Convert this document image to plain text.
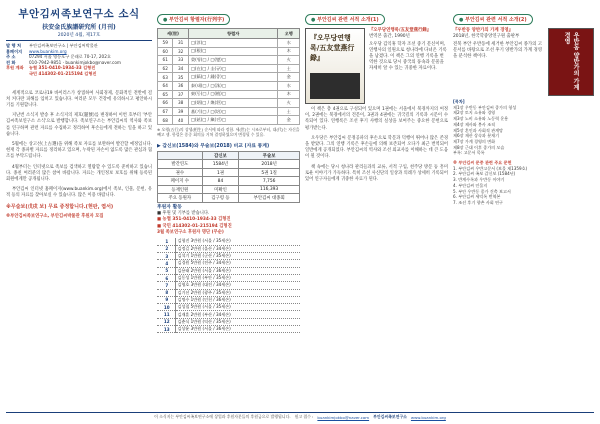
부안김씨족보연구소 소식
扶安金氏族譜研究所 (月刊)
2020년 4월, 제17호
발 행 처	부안김씨족보연구소 | 부안김씨박물관
홈페이지	www.buankim.org
주 소	07294 서울 영등포구 문래로 70-17, 202호
전 화	010-7942-9851 · buankimjokbo@naver.com
후원 계좌	농협 351-0410-1934-33 김형진
국민 414302-01-215194 김형진

세계적으로 코로나19 바이러스가 창궐하여 사회경제, 문화적인 전반에 걸쳐 커다란 피해를 입히고 있습니다. 여러분 모두 건강에 유의하시고 평안하시기를 기원합니다.

지난번 소식지 발송 후 소식지의 제호(題號)를 변경하여 이번 호부터 '부안김씨족보연구소 소식'으로 발행합니다. 족보연구소는 부안김씨의 역사와 족보를 연구하며 관련 자료를 수집하고 정리하여 후손들에게 전하는 일을 하고 있습니다.

5월에는 상고선(上古選)을 위해 족보 자료를 보완하여 발간할 예정입니다. 현재 각 종파별 자료를 정리하고 있으며, 누락된 자손이 없도록 많은 관심과 협조를 부탁드립니다.

4월부터는 인터넷으로 족보를 검색하고 열람할 수 있도록 준비하고 있습니다. 종친 여러분의 많은 참여 바랍니다. 자료는 개인정보 보호를 위해 등록된 회원에게만 공개됩니다.

부안김씨 인터넷 홈페이지(www.buankim.org)에서 족보, 인물, 문헌, 유적 등의 자료를 찾아보실 수 있습니다. 많은 이용 바랍니다.

※무술보(戊戌 보) 무료 증정합니다.(현판, 엽서)

※부안김씨족보연구소, 부안김씨박물관 후원자 모집

● 부안김씨 항렬자(行列字)
세(世)		항렬자	오행
59	31	□(淳)□	水
60	32	□(根)□	木
61	33	榮(영)□ / □(燮)□	火
62	34	□(在)□ / 圭(규)□	土
63	35	□(鎬)□ / 鍾(종)□	金
64	36	泰(태)□ / □(洙)□	水
65	37	東(동)□ / □(植)□	木
66	38	□(炳)□ / 煥(환)□	火
67	39	基(기)□ / □(培)□	土
68	40	□(鉉)□ / 鎭(진)□	金
※ 오행(五行)의 상생(相生) 순서에 따라 정함. 세(世)는 시조로부터, 대(代)는 자신을 빼고 셈. 항렬은 종중 회의를 거쳐 결정하였으며 변경될 수 있음.
▶ 갑신보(1584)와 무술보(2018) 비교 (자료 통계)
	갑신보	무술보
발간연도	1584년	2018년
권수	1권	5권 1질
페이지 수	84	7,756
등재인원	미확인	116,393
주요 동원자	김구령 등	부안김씨 대종회
후원자 활동
■ 후원 및 기부를 받습니다.
■ 농협 351-0410-1934-33 김형진
■ 국민 414302-01-215194 김형진
3월 족보연구소 후원자 명단 (무순)
1	김형진 3만원 (서울 / 35세손)
2	김정길 2만원 (울산 / 34세손)
3	김석기 1만원 (군산 / 35세손)
4	김경원 5만원 (전주 / 34세손)
5	김용태 2만원 (서울 / 36세손)
6	김동성 1만원 (부안 / 35세손)
7	김영호 3만원 (대전 / 34세손)
8	김기선 2만원 (광주 / 35세손)
9	김명수 1만원 (인천 / 36세손)
10	김성철 5만원 (서울 / 35세손)
11	김재훈 2만원 (부산 / 34세손)
12	김춘식 1만원 (익산 / 35세손)
13	김상윤 3만원 (서울 / 36세손)
● 부안김씨 관련 서적 소개(1)
『오무당연행록/五友堂燕行錄』
『오무당연행록/五友堂燕行錄』
번역본 출간, 1990년
오우당 김익휴 학자 조선 중기 문신이며, 연행사의 일원으로 청나라에 다녀온 기록을 남겼다. 이 책은 그의 연행 기록을 번역한 것으로 당시 중국의 풍속과 문물을 자세히 알 수 있는 귀중한 자료이다.

이 책은 총 4권으로 구성되어 있으며 1권에는 서울에서 북경까지의 여정이, 2권에는 북경에서의 견문이, 3권과 4권에는 귀국길의 기록과 시문이 수록되어 있다. 연행록은 조선 후기 사행의 실상을 보여주는 중요한 문헌으로 평가받는다.

오우당은 부안김씨 문정공파의 후손으로 학문과 덕행이 뛰어나 많은 존경을 받았다. 그의 연행 기록은 후손들에 의해 보존되어 오다가 최근 번역되어 일반에게 공개되었다. 부안김씨의 역사와 조선 외교사를 이해하는 데 큰 도움이 될 것이다.

책 속에는 당시 청나라 관리들과의 교류, 서적 구입, 천주당 방문 등 흥미로운 이야기가 가득하다. 특히 조선 사신단의 일상과 의례가 상세히 기록되어 있어 연구자들에게 귀중한 사료가 된다.

● 부안김씨 관련 서적 소개(2)
『우반동 양반가의 가계 경영』
2018년, 한국학중앙연구원 출판부
전북 부안 우반동에 세거한 부안김씨 종가의 고문서를 바탕으로 조선 후기 양반가의 가계 경영을 분석한 책이다.	우반동 양반가의 가계 경영
[목차]
제1장 우반동 부안김씨 종가의 형성
제2장 토지 소유와 경영
제3장 노비 소유와 노동력 운용
제4장 제사와 봉사 조직
제5장 혼인과 사회적 관계망
제6장 재산 상속과 분재기
제7장 가계 경영의 변화
제8장 근대 이후 종가의 모습
부록: 고문서 목록
※ 부안김씨 문중 관련 주요 문헌
1. 부안김씨 우반고문서 (보물 제1359호)
2. 부안김씨 족보 갑신보 (1584년)
3. 반계수록과 우반동 이야기
4. 부안김씨 인물지
5. 부안 우반동 종가 건축 보고서
6. 부안김씨 세덕록 번역본
7. 조선 후기 향촌 사회 연구
이 소식지는 부안김씨족보연구소에 상업과 후원자분들의 후원금으로 발행됩니다. 원고 접수 : buankimjokbo@naver.com 부안김씨족보연구소 www.buankim.org
